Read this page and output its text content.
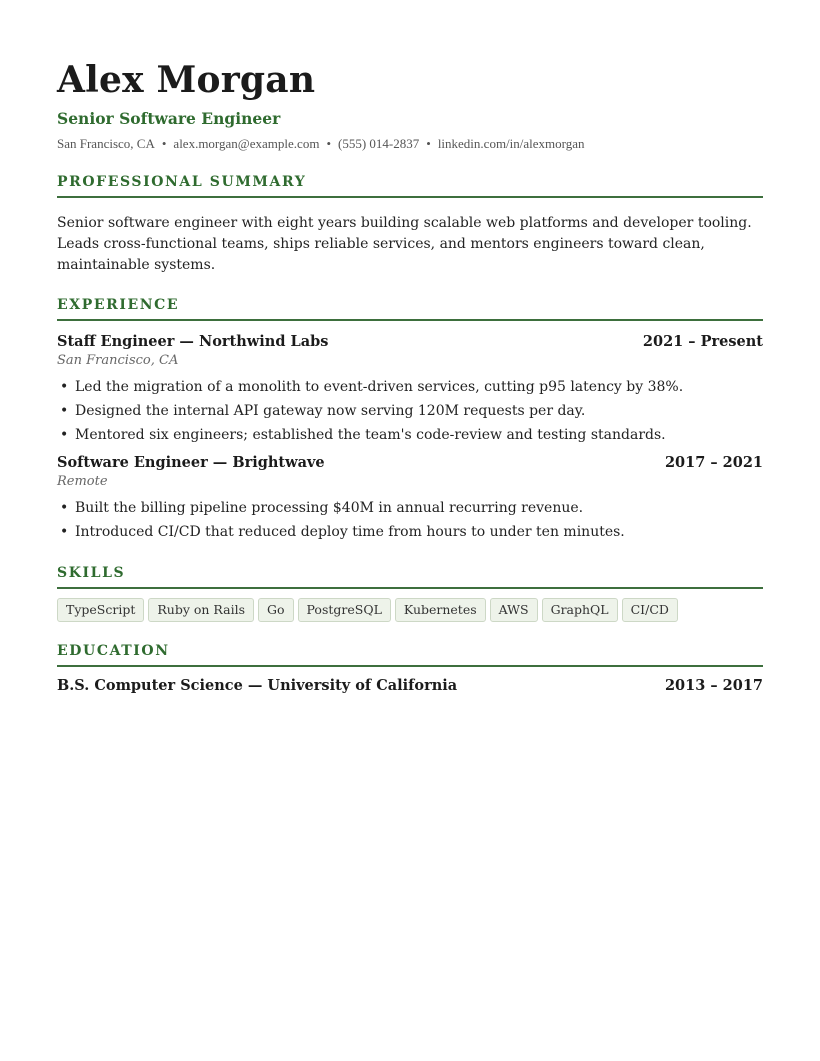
Alex Morgan
Senior Software Engineer
San Francisco, CA • alex.morgan@example.com • (555) 014-2837 • linkedin.com/in/alexmorgan
PROFESSIONAL SUMMARY

Senior software engineer with eight years building scalable web platforms and developer tooling. Leads cross-functional teams, ships reliable services, and mentors engineers toward clean, maintainable systems.

EXPERIENCE
Staff Engineer — Northwind Labs	2021 – Present
San Francisco, CA
• Led the migration of a monolith to event-driven services, cutting p95 latency by 38%.
• Designed the internal API gateway now serving 120M requests per day.
• Mentored six engineers; established the team's code-review and testing standards.
Software Engineer — Brightwave	2017 – 2021
Remote
• Built the billing pipeline processing $40M in annual recurring revenue.
• Introduced CI/CD that reduced deploy time from hours to under ten minutes.
SKILLS
TypeScript	Ruby on Rails	Go	PostgreSQL	Kubernetes	AWS	GraphQL	CI/CD
EDUCATION
B.S. Computer Science — University of California	2013 – 2017
